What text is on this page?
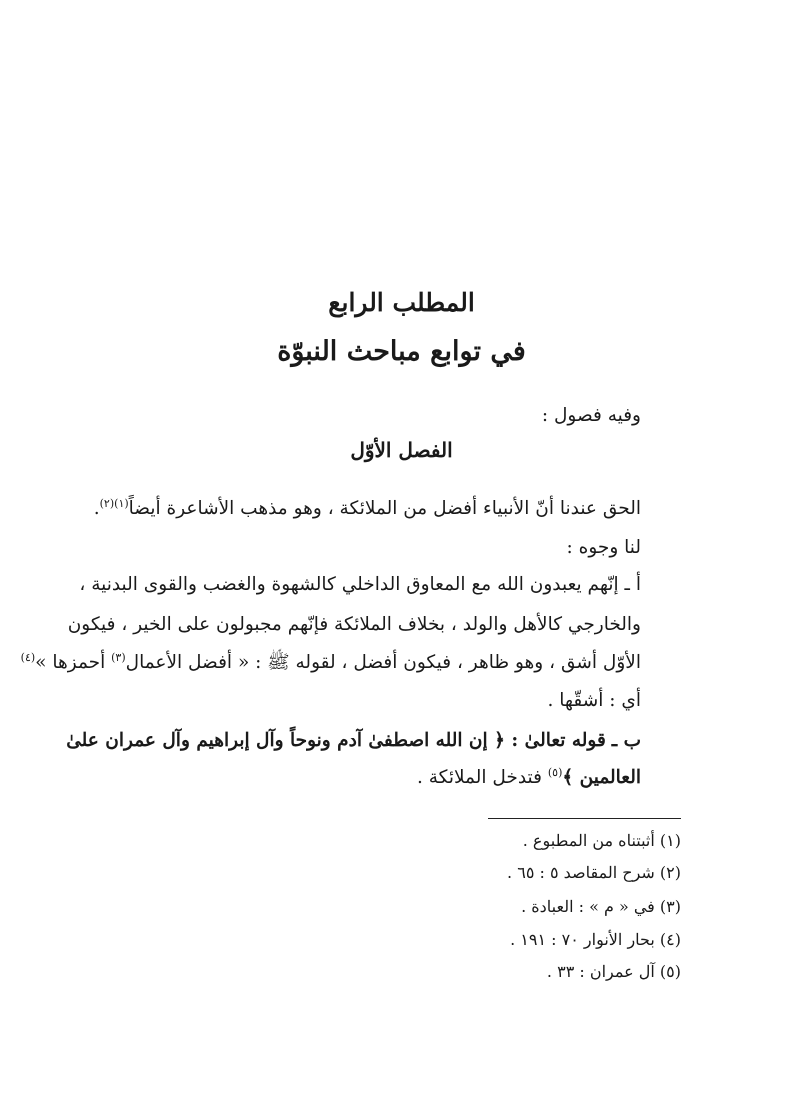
المطلب الرابع
في توابع مباحث النبوّة
وفيه فصول :
الفصل الأوّل
الحق عندنا أنّ الأنبياء أفضل من الملائكة ، وهو مذهب الأشاعرة أيضاً$^{(١)(٢)}$.
لنا وجوه :
أ ـ إنّهم يعبدون الله مع المعاوق الداخلي كالشهوة والغضب والقوى البدنية ،
والخارجي كالأهل والولد ، بخلاف الملائكة فإنّهم مجبولون على الخير ، فيكون
الأوّل أشق ، وهو ظاهر ، فيكون أفضل ، لقوله ﷺ : « أفضل الأعمال$^{(٣)}$ أحمزها »$^{(٤)}$
أي : أشقّها .
ب ـ قوله تعالىٰ : ﴿ إن الله اصطفىٰ آدم ونوحاً وآل إبراهيم وآل عمران علىٰ
العالمين ﴾$^{(٥)}$ فتدخل الملائكة .
(١) أثبتناه من المطبوع .
(٢) شرح المقاصد ٥ : ٦٥ .
(٣) في « م » : العبادة .
(٤) بحار الأنوار ٧٠ : ١٩١ .
(٥) آل عمران : ٣٣ .
